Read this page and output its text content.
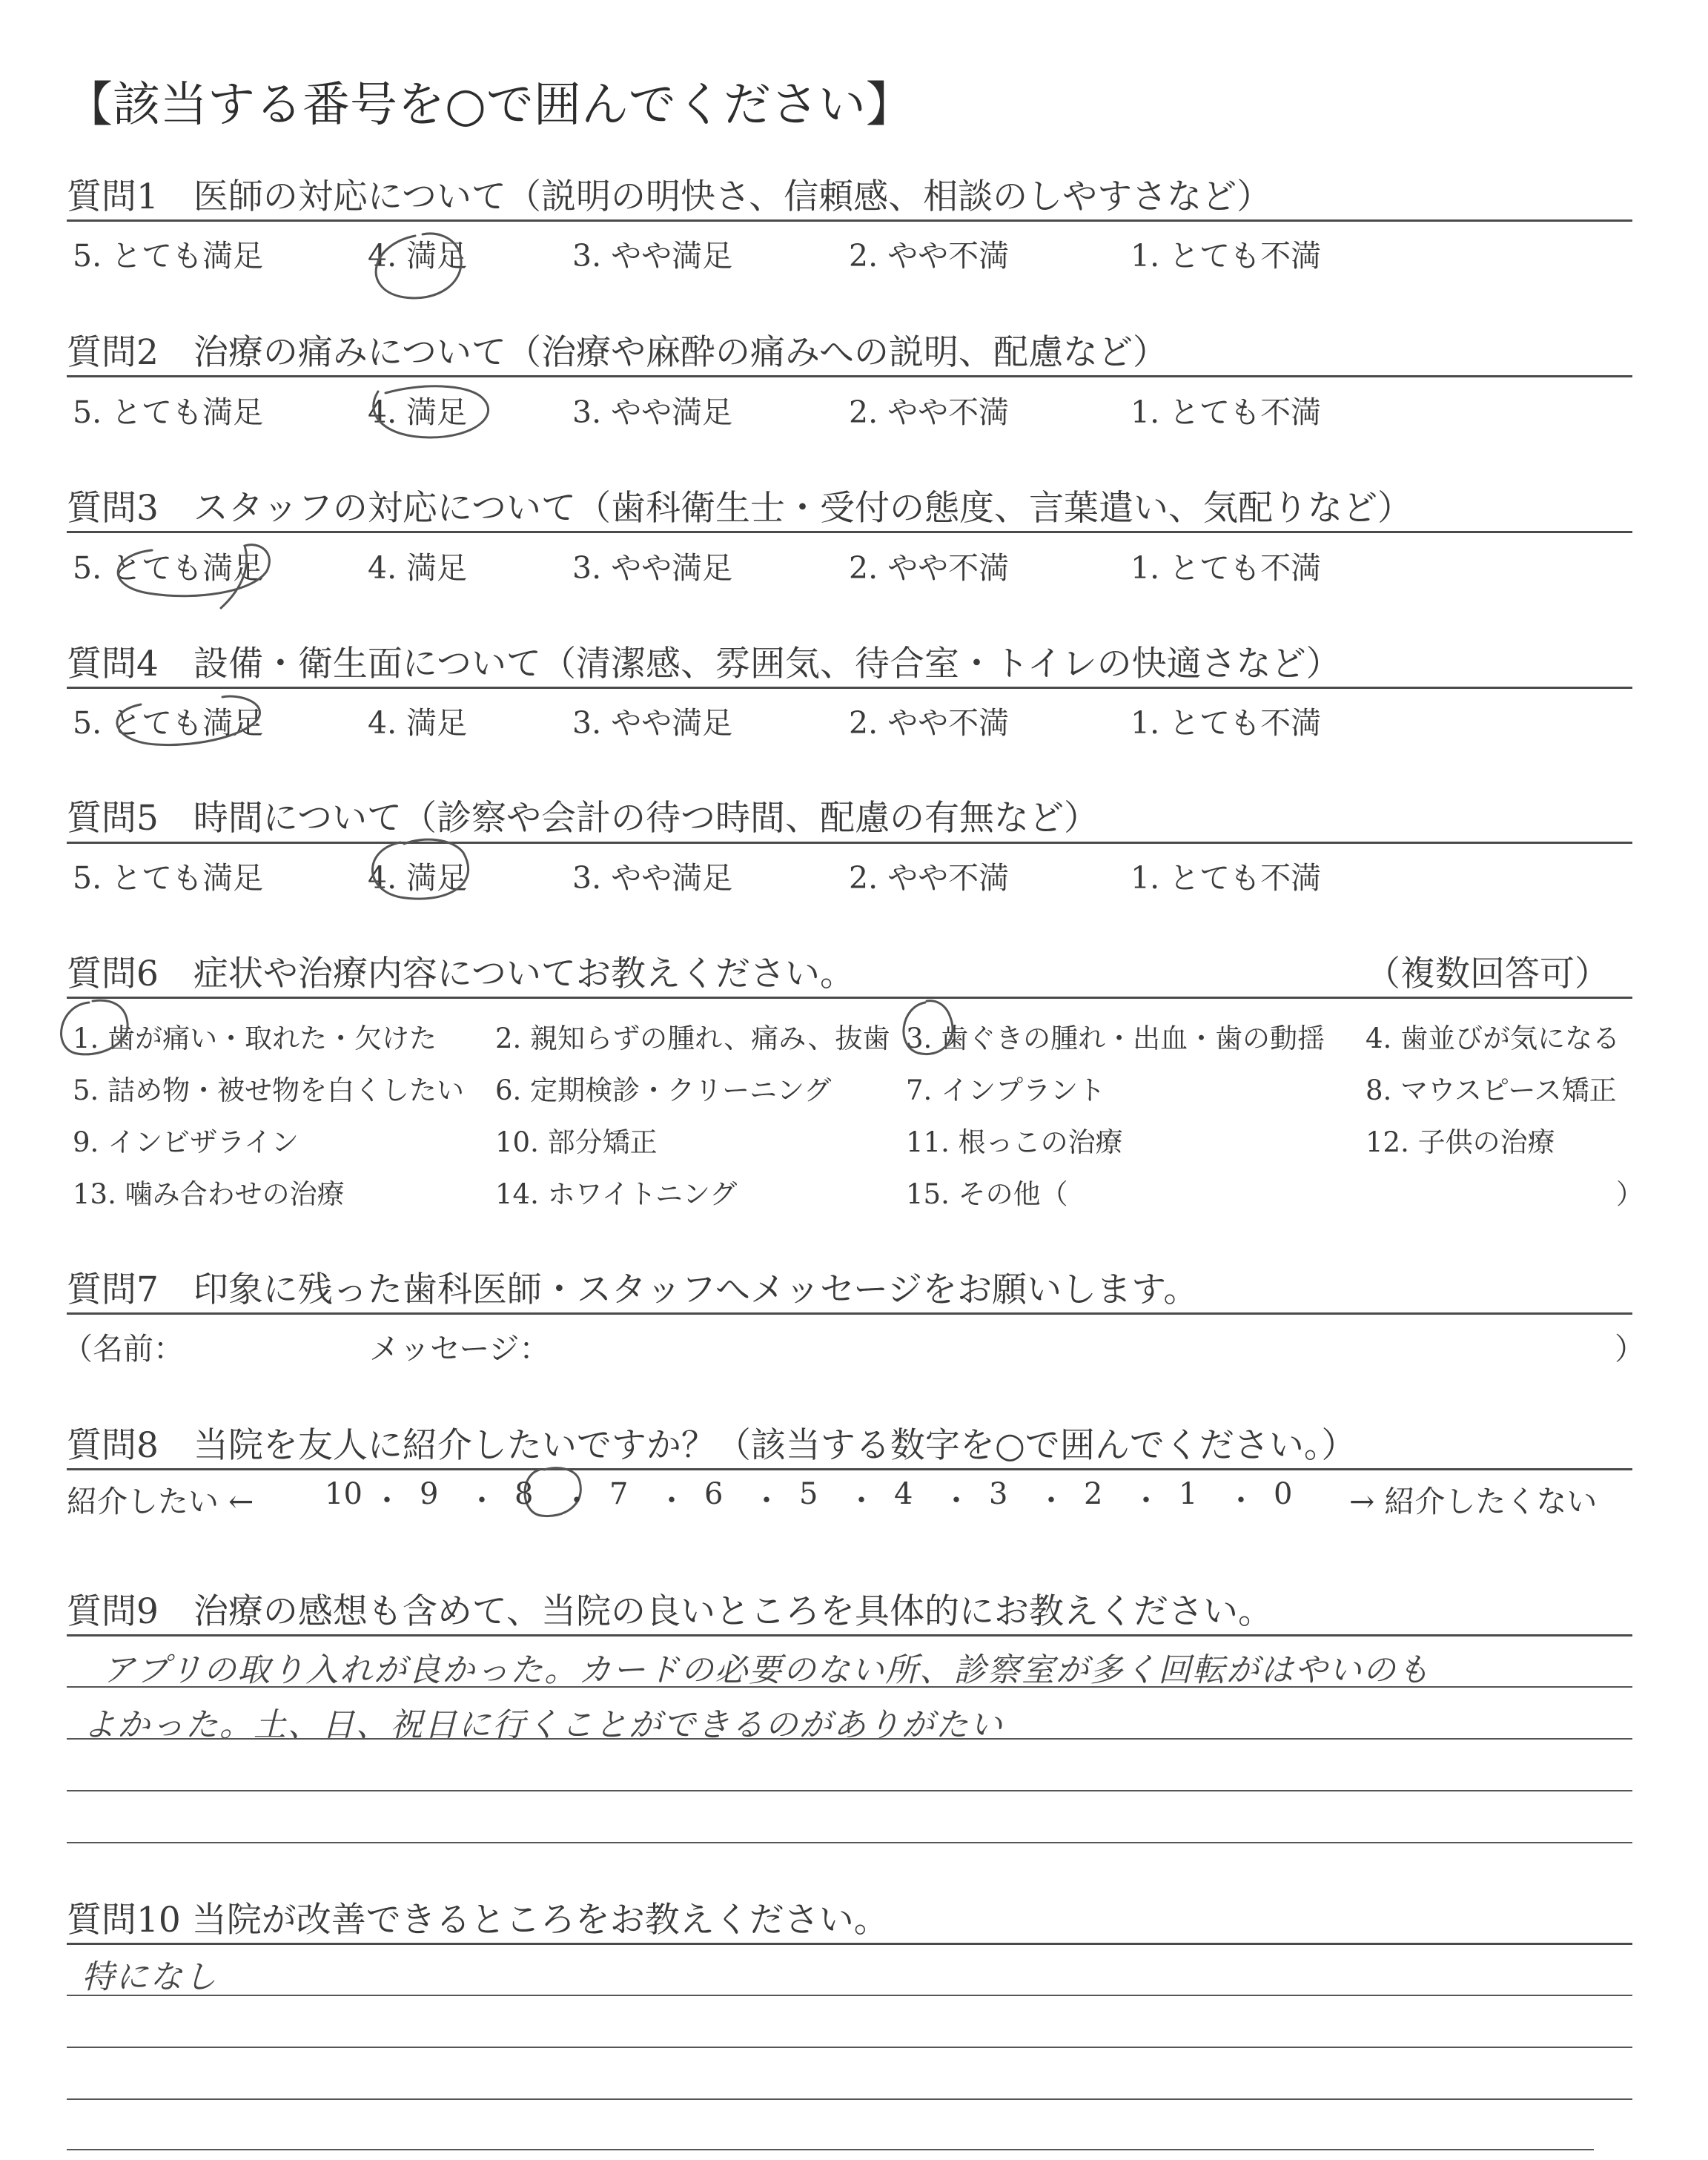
【該当する番号を○で囲んでください】
質問1　医師の対応について（説明の明快さ、信頼感、相談のしやすさなど）
5. とても満足	4. 満足	3. やや満足	2. やや不満	1. とても不満
質問2　治療の痛みについて（治療や麻酔の痛みへの説明、配慮など）
5. とても満足	4. 満足	3. やや満足	2. やや不満	1. とても不満
質問3　スタッフの対応について（歯科衛生士・受付の態度、言葉遣い、気配りなど）
5. とても満足	4. 満足	3. やや満足	2. やや不満	1. とても不満
質問4　設備・衛生面について（清潔感、雰囲気、待合室・トイレの快適さなど）
5. とても満足	4. 満足	3. やや満足	2. やや不満	1. とても不満
質問5　時間について（診察や会計の待つ時間、配慮の有無など）
5. とても満足	4. 満足	3. やや満足	2. やや不満	1. とても不満
質問6　症状や治療内容についてお教えください。	（複数回答可）
1. 歯が痛い・取れた・欠けた 2. 親知らずの腫れ、痛み、抜歯 3. 歯ぐきの腫れ・出血・歯の動揺 4. 歯並びが気になる
5. 詰め物・被せ物を白くしたい 6. 定期検診・クリーニング	7. インプラント	8. マウスピース矯正
9. インビザライン	10. 部分矯正	11. 根っこの治療	12. 子供の治療
13. 噛み合わせの治療	14. ホワイトニング	15. その他（	）
質問7　印象に残った歯科医師・スタッフへメッセージをお願いします。
（名前：	メッセージ：	）
質問8　当院を友人に紹介したいですか？（該当する数字を○で囲んでください。）
紹介したい ←	→ 紹介したくない
質問9　治療の感想も含めて、当院の良いところを具体的にお教えください。
アプリの取り入れが良かった。カードの必要のない所、診察室が多く回転がはやいのも
よかった。土、日、祝日に行くことができるのがありがたい
質問10 当院が改善できるところをお教えください。
特になし
10 ・ 9 ・ 8 ・ 7 ・ 6 ・ 5 ・ 4 ・ 3 ・ 2 ・ 1 ・ 0
